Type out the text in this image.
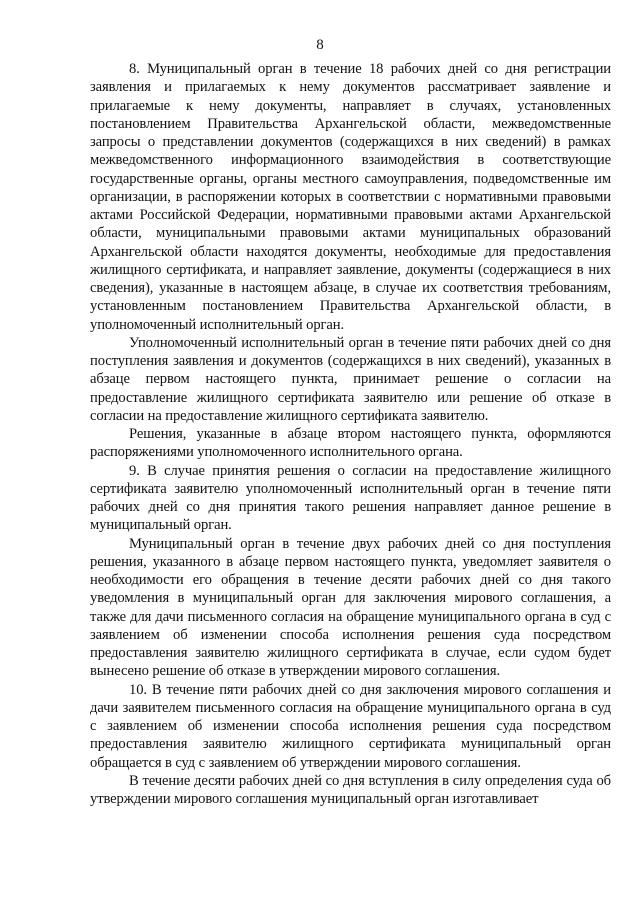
8

8. Муниципальный орган в течение 18 рабочих дней со дня регистрации заявления и прилагаемых к нему документов рассматривает заявление и прилагаемые к нему документы, направляет в случаях, установленных постановлением Правительства Архангельской области, межведомственные запросы о представлении документов (содержащихся в них сведений) в рамках межведомственного информационного взаимодействия в соответствующие государственные органы, органы местного самоуправления, подведомственные им организации, в распоряжении которых в соответствии с нормативными правовыми актами Российской Федерации, нормативными правовыми актами Архангельской области, муниципальными правовыми актами муниципальных образований Архангельской области находятся документы, необходимые для предоставления жилищного сертификата, и направляет заявление, документы (содержащиеся в них сведения), указанные в настоящем абзаце, в случае их соответствия требованиям, установленным постановлением Правительства Архангельской области, в уполномоченный исполнительный орган.

Уполномоченный исполнительный орган в течение пяти рабочих дней со дня поступления заявления и документов (содержащихся в них сведений), указанных в абзаце первом настоящего пункта, принимает решение о согласии на предоставление жилищного сертификата заявителю или решение об отказе в согласии на предоставление жилищного сертификата заявителю.

Решения, указанные в абзаце втором настоящего пункта, оформляются распоряжениями уполномоченного исполнительного органа.

9. В случае принятия решения о согласии на предоставление жилищного сертификата заявителю уполномоченный исполнительный орган в течение пяти рабочих дней со дня принятия такого решения направляет данное решение в муниципальный орган.

Муниципальный орган в течение двух рабочих дней со дня поступления решения, указанного в абзаце первом настоящего пункта, уведомляет заявителя о необходимости его обращения в течение десяти рабочих дней со дня такого уведомления в муниципальный орган для заключения мирового соглашения, а также для дачи письменного согласия на обращение муниципального органа в суд с заявлением об изменении способа исполнения решения суда посредством предоставления заявителю жилищного сертификата в случае, если судом будет вынесено решение об отказе в утверждении мирового соглашения.

10. В течение пяти рабочих дней со дня заключения мирового соглашения и дачи заявителем письменного согласия на обращение муниципального органа в суд с заявлением об изменении способа исполнения решения суда посредством предоставления заявителю жилищного сертификата муниципальный орган обращается в суд с заявлением об утверждении мирового соглашения.

В течение десяти рабочих дней со дня вступления в силу определения суда об утверждении мирового соглашения муниципальный орган изготавливает
